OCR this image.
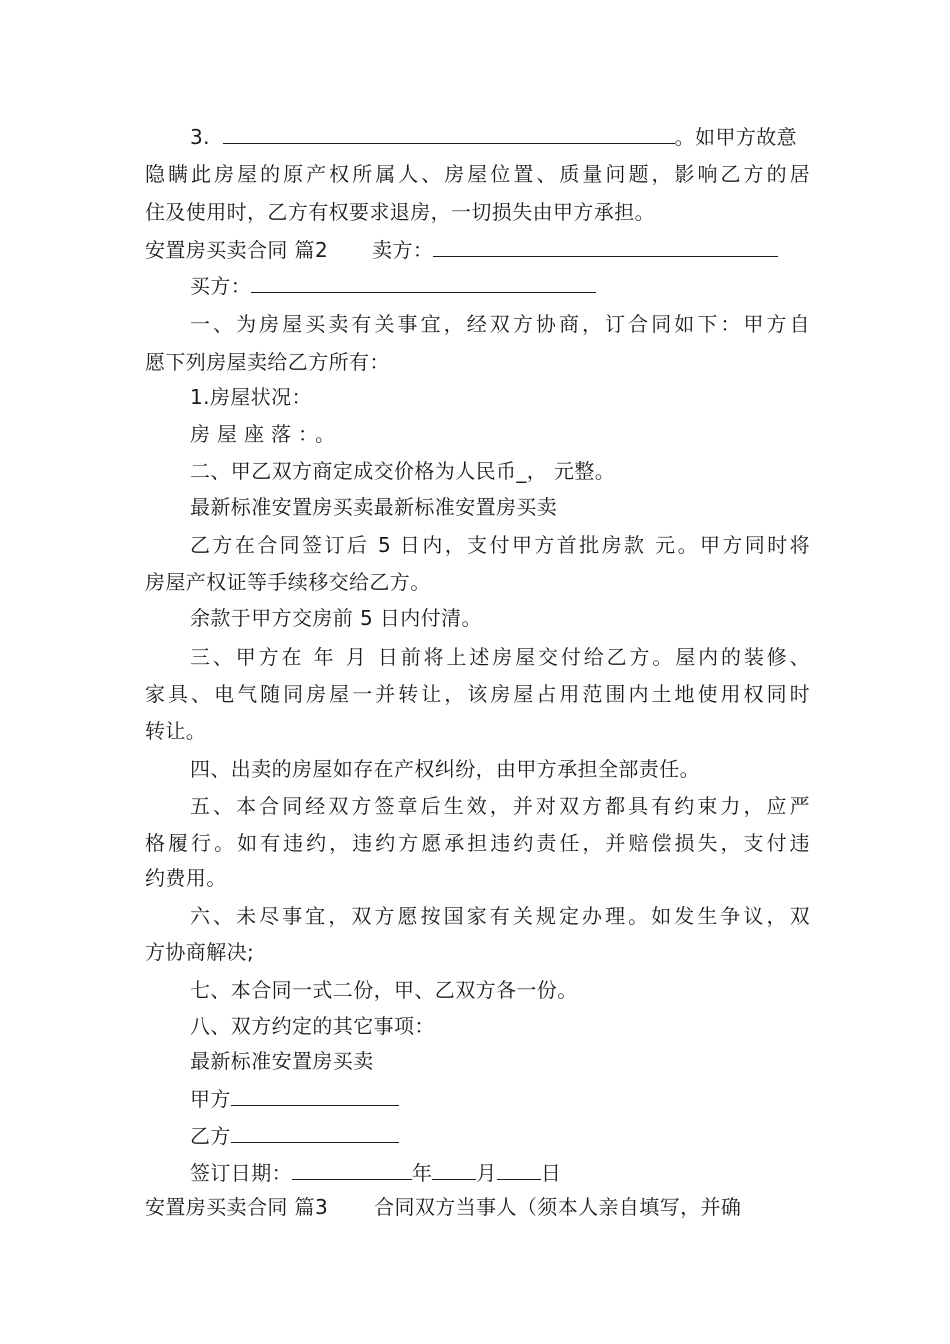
3.	。如甲方故意
隐瞒此房屋的原产权所属人、房屋位置、质量问题，影响乙方的居
住及使用时，乙方有权要求退房，一切损失由甲方承担。
安置房买卖合同 篇2 卖方：
买方：
一、为房屋买卖有关事宜，经双方协商，订合同如下：甲方自
愿下列房屋卖给乙方所有：
1.房屋状况：
房屋座落：。
二、甲乙双方商定成交价格为人民币_， 元整。
最新标准安置房买卖最新标准安置房买卖
乙方在合同签订后 5 日内，支付甲方首批房款 元。甲方同时将
房屋产权证等手续移交给乙方。
余款于甲方交房前 5 日内付清。
三、甲方在 年 月 日前将上述房屋交付给乙方。屋内的装修、
家具、电气随同房屋一并转让，该房屋占用范围内土地使用权同时
转让。
四、出卖的房屋如存在产权纠纷，由甲方承担全部责任。
五、本合同经双方签章后生效，并对双方都具有约束力，应严
格履行。如有违约，违约方愿承担违约责任，并赔偿损失，支付违
约费用。
六、未尽事宜，双方愿按国家有关规定办理。如发生争议，双
方协商解决;
七、本合同一式二份，甲、乙双方各一份。
八、双方约定的其它事项：
最新标准安置房买卖
甲方
乙方
签订日期：	年 月 日
安置房买卖合同 篇3 合同双方当事人（须本人亲自填写，并确
